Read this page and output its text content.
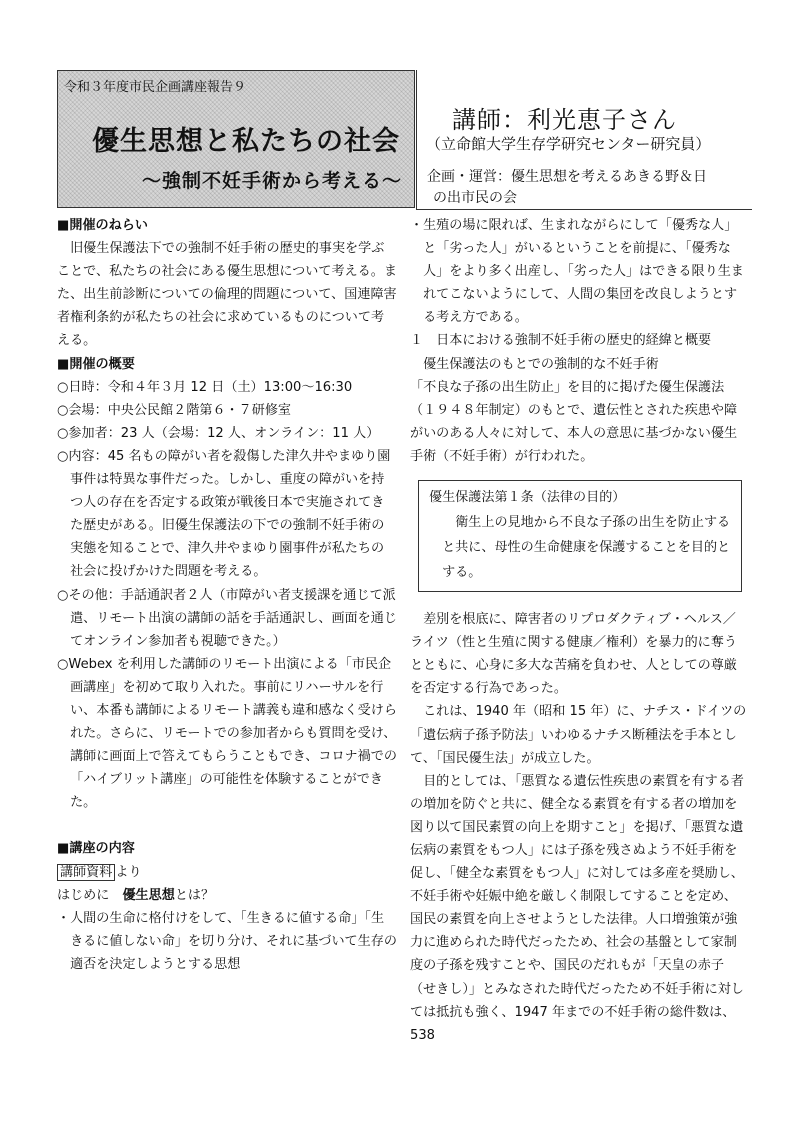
令和３年度市民企画講座報告９
優生思想と私たちの社会
～強制不妊手術から考える～
講師：利光恵子さん
（立命館大学生存学研究センター研究員）
企画・運営：優生思想を考えるあきる野＆日
の出市民の会

■開催のねらい

旧優生保護法下での強制不妊手術の歴史的事実を学ぶことで、私たちの社会にある優生思想について考える。また、出生前診断についての倫理的問題について、国連障害者権利条約が私たちの社会に求めているものについて考える。

■開催の概要

○日時：令和４年３月 12 日（土）13:00～16:30

○会場：中央公民館２階第６・７研修室

○参加者：23 人（会場：12 人、オンライン：11 人）

○内容：45 名もの障がい者を殺傷した津久井やまゆり園事件は特異な事件だった。しかし、重度の障がいを持つ人の存在を否定する政策が戦後日本で実施されてきた歴史がある。旧優生保護法の下での強制不妊手術の実態を知ることで、津久井やまゆり園事件が私たちの社会に投げかけた問題を考える。

○その他：手話通訳者２人（市障がい者支援課を通じて派遣、リモート出演の講師の話を手話通訳し、画面を通じてオンライン参加者も視聴できた。）

○Webex を利用した講師のリモート出演による「市民企画講座」を初めて取り入れた。事前にリハーサルを行い、本番も講師によるリモート講義も違和感なく受けられた。さらに、リモートでの参加者からも質問を受け、講師に画面上で答えてもらうこともでき、コロナ禍での「ハイブリット講座」の可能性を体験することができた。

■講座の内容

講師資料 より

はじめに　優生思想とは？

・人間の生命に格付けをして、「生きるに値する命」「生きるに値しない命」を切り分け、それに基づいて生存の適否を決定しようとする思想

・生殖の場に限れば、生まれながらにして「優秀な人」と「劣った人」がいるということを前提に、「優秀な人」をより多く出産し、「劣った人」はできる限り生まれてこないようにして、人間の集団を改良しようとする考え方である。

１　日本における強制不妊手術の歴史的経緯と概要

優生保護法のもとでの強制的な不妊手術

「不良な子孫の出生防止」を目的に掲げた優生保護法（１９４８年制定）のもとで、遺伝性とされた疾患や障がいのある人々に対して、本人の意思に基づかない優生手術（不妊手術）が行われた。

優生保護法第１条（法律の目的）
衛生上の見地から不良な子孫の出生を防止すると共に、母性の生命健康を保護することを目的とする。

差別を根底に、障害者のリプロダクティブ・ヘルス／ライツ（性と生殖に関する健康／権利）を暴力的に奪うとともに、心身に多大な苦痛を負わせ、人としての尊厳を否定する行為であった。

これは、1940 年（昭和 15 年）に、ナチス・ドイツの「遺伝病子孫予防法」いわゆるナチス断種法を手本として、「国民優生法」が成立した。

目的としては、「悪質なる遺伝性疾患の素質を有する者の増加を防ぐと共に、健全なる素質を有する者の増加を図り以て国民素質の向上を期すこと」を掲げ、「悪質な遺伝病の素質をもつ人」には子孫を残さぬよう不妊手術を促し、「健全な素質をもつ人」に対しては多産を奨励し、不妊手術や妊娠中絶を厳しく制限してすることを定め、国民の素質を向上させようとした法律。人口増強策が強力に進められた時代だったため、社会の基盤として家制度の子孫を残すことや、国民のだれもが「天皇の赤子（せきし）」とみなされた時代だったため不妊手術に対しては抵抗も強く、1947 年までの不妊手術の総件数は、538
